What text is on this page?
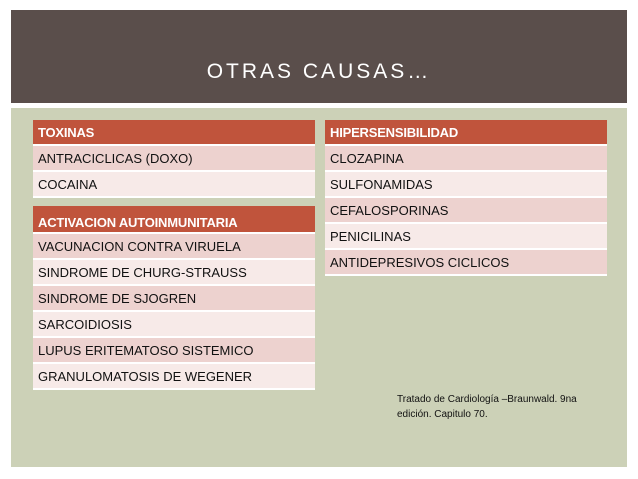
OTRAS CAUSAS…
TOXINAS
ANTRACICLICAS (DOXO)
COCAINA
ACTIVACION AUTOINMUNITARIA
VACUNACION CONTRA VIRUELA
SINDROME DE CHURG-STRAUSS
SINDROME DE SJOGREN
SARCOIDIOSIS
LUPUS ERITEMATOSO SISTEMICO
GRANULOMATOSIS DE WEGENER
HIPERSENSIBILIDAD
CLOZAPINA
SULFONAMIDAS
CEFALOSPORINAS
PENICILINAS
ANTIDEPRESIVOS CICLICOS
Tratado de Cardiología –Braunwald. 9na edición. Capitulo 70.
